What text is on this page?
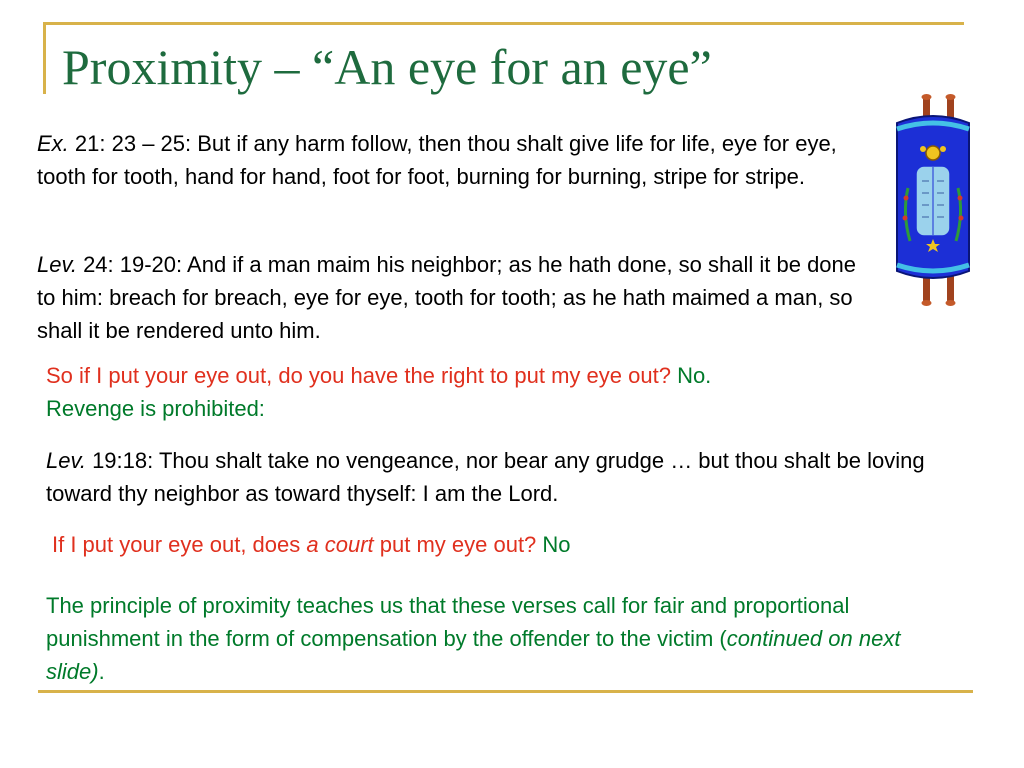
Proximity – “An eye for an eye”
Ex. 21: 23 – 25: But if any harm follow, then thou shalt give life for life, eye for eye, tooth for tooth, hand for hand, foot for foot, burning for burning, stripe for stripe.
Lev. 24: 19-20: And if a man maim his neighbor; as he hath done, so shall it be done to him: breach for breach, eye for eye, tooth for tooth; as he hath maimed a man, so shall it be rendered unto him.
So if I put your eye out, do you have the right to put my eye out? No.
Revenge is prohibited:
Lev. 19:18: Thou shalt take no vengeance, nor bear any grudge … but thou shalt be loving toward thy neighbor as toward thyself: I am the Lord.
If I put your eye out, does a court put my eye out? No
The principle of proximity teaches us that these verses call for fair and proportional punishment in the form of compensation by the offender to the victim (continued on next slide).
